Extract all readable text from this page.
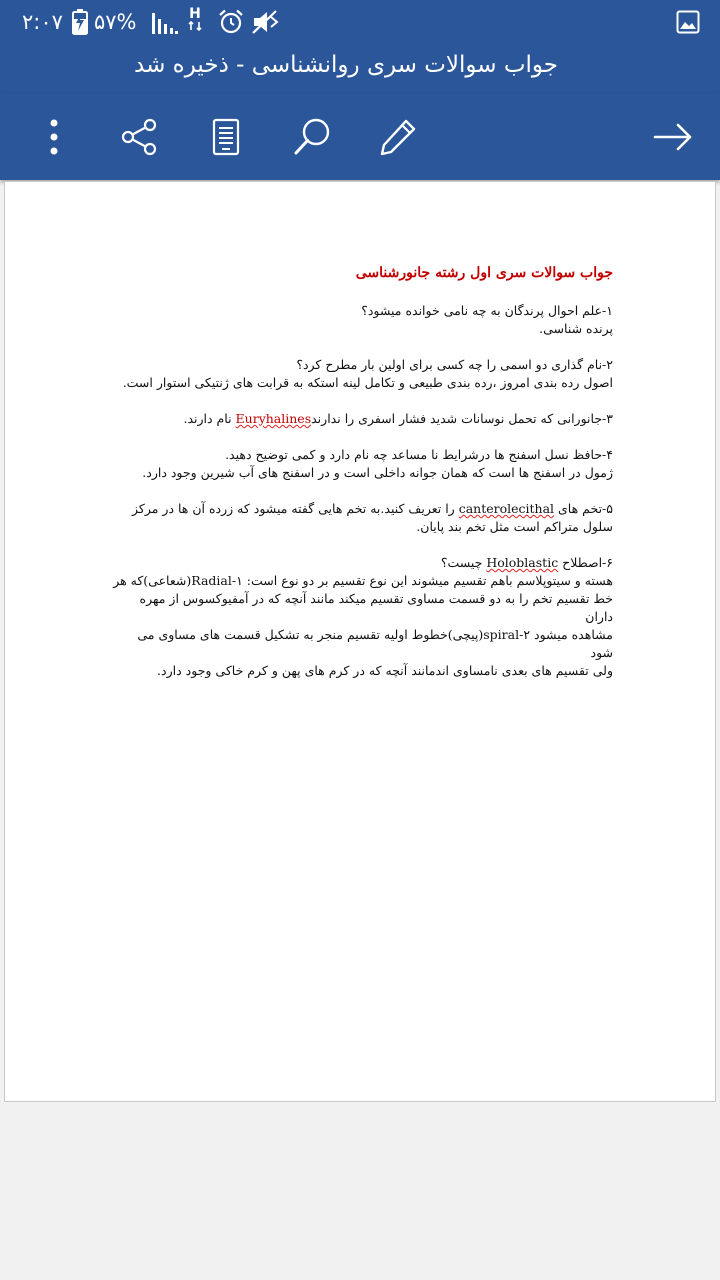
۲:۰۷ ۵۷%	H
جواب سوالات سری روانشناسی - ذخیره شد

جواب سوالات سری اول رشته جانورشناسی

۱-علم احوال پرندگان به چه نامی خوانده میشود؟

پرنده شناسی.

۲-نام گذاری دو اسمی را چه کسی برای اولین بار مطرح کرد؟

اصول رده بندی امروز ،رده بندی طبیعی و تکامل لینه استکه به قرابت های ژنتیکی استوار است.

۳-جانورانی که تحمل نوسانات شدید فشار اسفری را ندارندEuryhalines نام دارند.

۴-حافظ نسل اسفنج ها درشرایط نا مساعد چه نام دارد و کمی توضیح دهید.

ژمول در اسفنج ها است که همان جوانه داخلی است و در اسفنج های آب شیرین وجود دارد.

۵-تخم های canterolecithal را تعریف کنید.به تخم هایی گفته میشود که زرده آن ها در مرکز سلول متراکم است مثل تخم بند پایان.

۶-اصطلاح Holoblastic چیست؟

هسته و سیتوپلاسم باهم تقسیم میشوند این نوع تقسیم بر دو نوع است: ۱-Radial(شعاعی)که هر

خط تقسیم تخم را به دو قسمت مساوی تقسیم میکند مانند آنچه که در آمفیوکسوس از مهره داران

مشاهده میشود ۲-spiral(پیچی)خطوط اولیه تقسیم منجر به تشکیل قسمت های مساوی می شود

ولی تقسیم های بعدی نامساوی اندمانند آنچه که در کرم های پهن و کرم خاکی وجود دارد.
